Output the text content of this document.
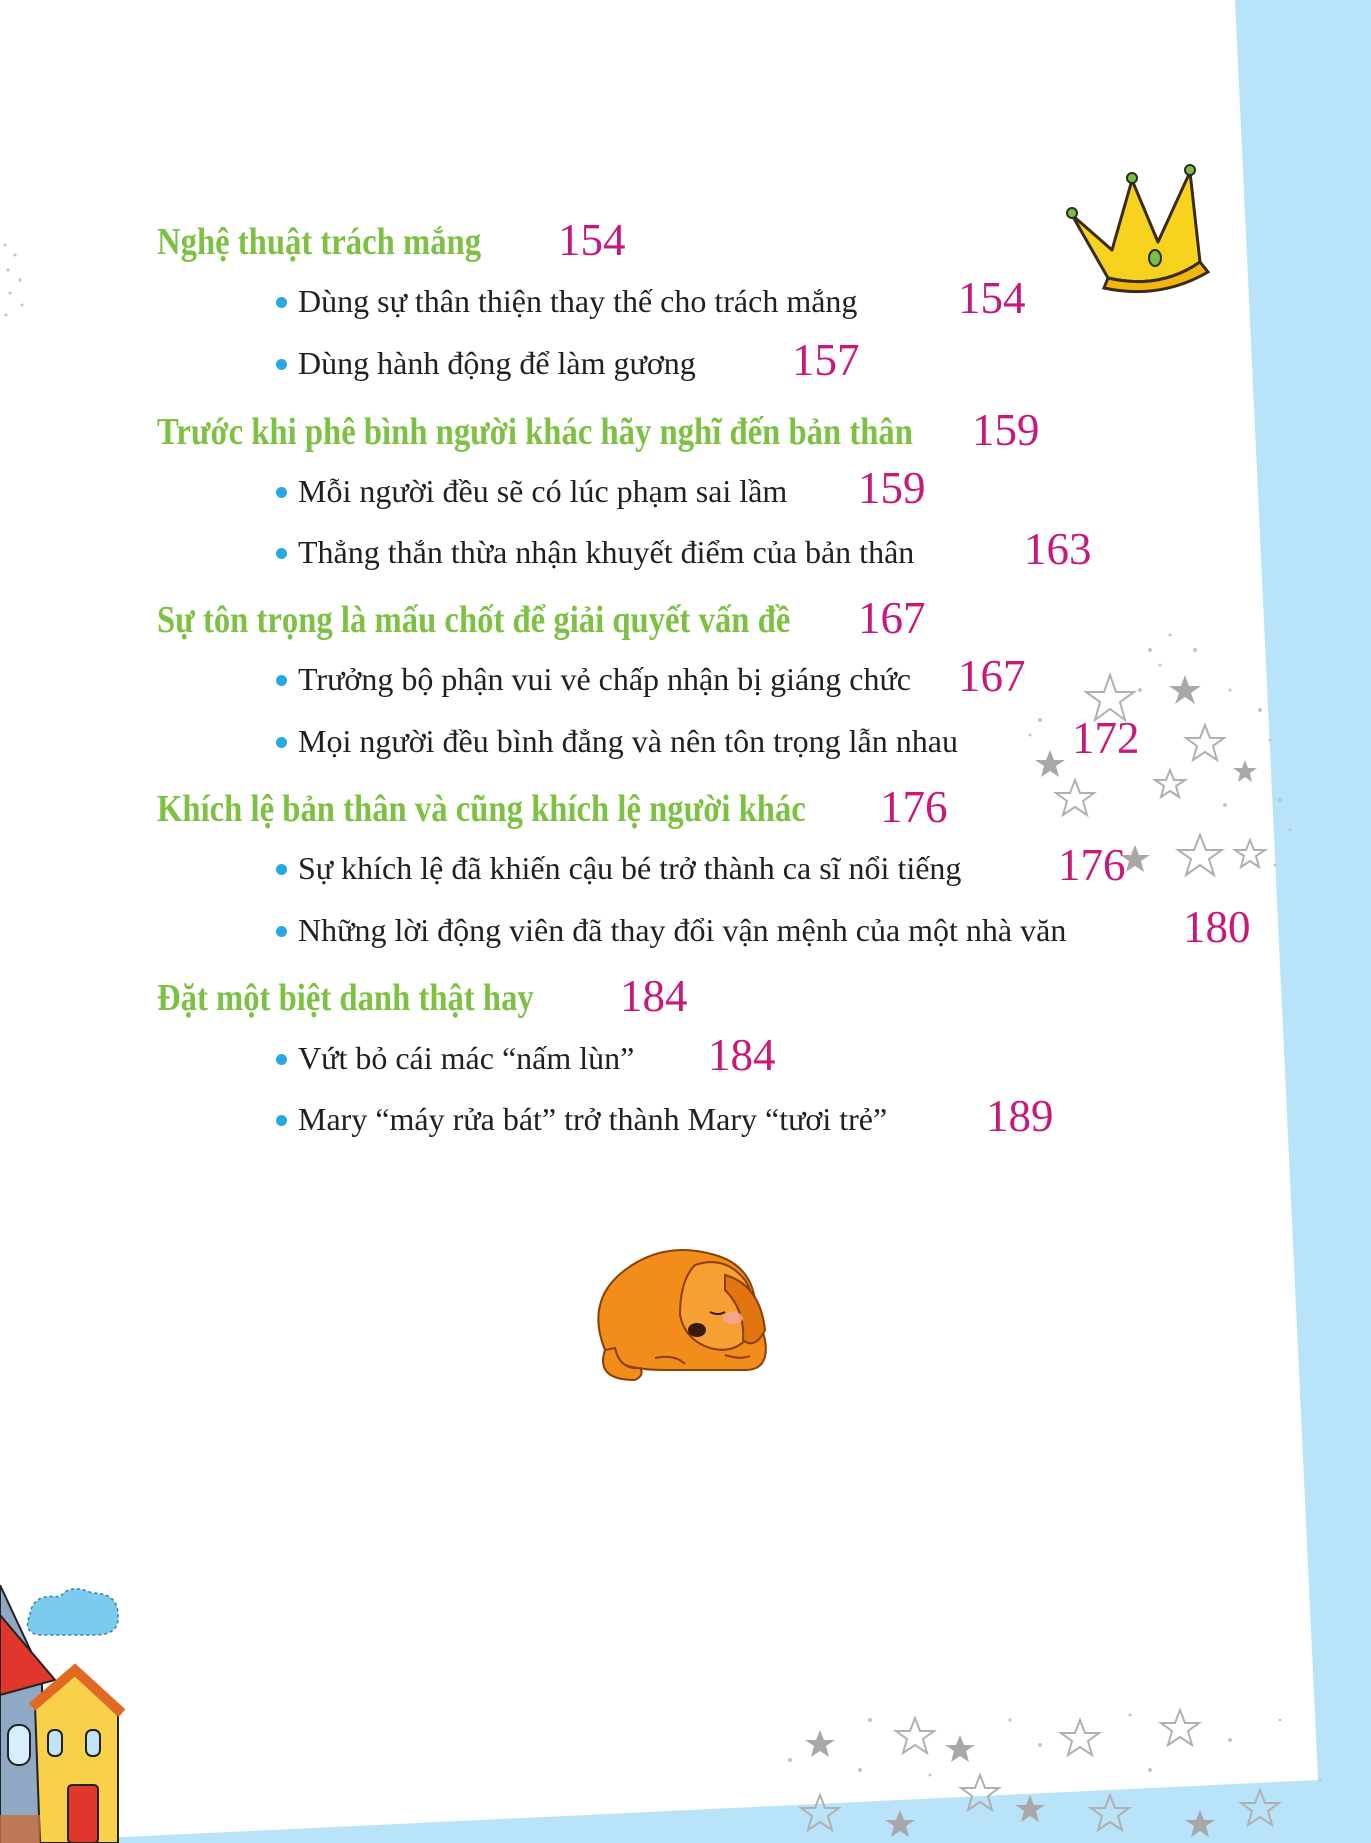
Nghệ thuật trách mắng 154
Dùng sự thân thiện thay thế cho trách mắng 154
Dùng hành động để làm gương 157
Trước khi phê bình người khác hãy nghĩ đến bản thân 159
Mỗi người đều sẽ có lúc phạm sai lầm 159
Thẳng thắn thừa nhận khuyết điểm của bản thân 163
Sự tôn trọng là mấu chốt để giải quyết vấn đề 167
Trưởng bộ phận vui vẻ chấp nhận bị giáng chức 167
Mọi người đều bình đẳng và nên tôn trọng lẫn nhau	172
Khích lệ bản thân và cũng khích lệ người khác 176
Sự khích lệ đã khiến cậu bé trở thành ca sĩ nổi tiếng 176
Những lời động viên đã thay đổi vận mệnh của một nhà văn	180
Đặt một biệt danh thật hay 184
Vứt bỏ cái mác “nấm lùn” 184
Mary “máy rửa bát” trở thành Mary “tươi trẻ” 189
